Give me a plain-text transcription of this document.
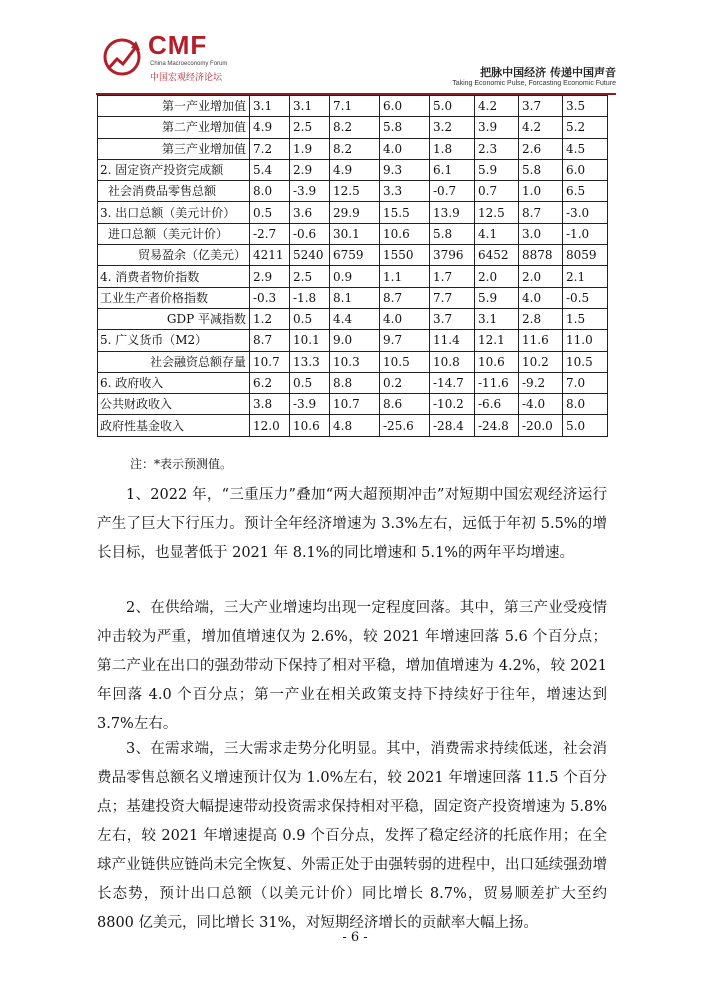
CMF
China Macroeconomy Forum
中国宏观经济论坛	把脉中国经济 传递中国声音
Taking Economic Pulse, Forcasting Economic Future
第一产业增加值	3.1	3.1	7.1	6.0	5.0	4.2	3.7	3.5
第二产业增加值	4.9	2.5	8.2	5.8	3.2	3.9	4.2	5.2
第三产业增加值	7.2	1.9	8.2	4.0	1.8	2.3	2.6	4.5
2. 固定资产投资完成额	5.4	2.9	4.9	9.3	6.1	5.9	5.8	6.0
社会消费品零售总额	8.0	-3.9	12.5	3.3	-0.7	0.7	1.0	6.5
3. 出口总额（美元计价）	0.5	3.6	29.9	15.5	13.9	12.5	8.7	-3.0
进口总额（美元计价）	-2.7	-0.6	30.1	10.6	5.8	4.1	3.0	-1.0
贸易盈余（亿美元）	4211	5240	6759	1550	3796	6452	8878	8059
4. 消费者物价指数	2.9	2.5	0.9	1.1	1.7	2.0	2.0	2.1
工业生产者价格指数	-0.3	-1.8	8.1	8.7	7.7	5.9	4.0	-0.5
GDP 平减指数	1.2	0.5	4.4	4.0	3.7	3.1	2.8	1.5
5. 广义货币（M2）	8.7	10.1	9.0	9.7	11.4	12.1	11.6	11.0
社会融资总额存量	10.7	13.3	10.3	10.5	10.8	10.6	10.2	10.5
6. 政府收入	6.2	0.5	8.8	0.2	-14.7	-11.6	-9.2	7.0
公共财政收入	3.8	-3.9	10.7	8.6	-10.2	-6.6	-4.0	8.0
政府性基金收入	12.0	10.6	4.8	-25.6	-28.4	-24.8	-20.0	5.0
注：*表示预测值。

1、2022 年，“三重压力”叠加“两大超预期冲击”对短期中国宏观经济运行产生了巨大下行压力。预计全年经济增速为 3.3%左右，远低于年初 5.5%的增长目标，也显著低于 2021 年 8.1%的同比增速和 5.1%的两年平均增速。

2、在供给端，三大产业增速均出现一定程度回落。其中，第三产业受疫情冲击较为严重，增加值增速仅为 2.6%，较 2021 年增速回落 5.6 个百分点；第二产业在出口的强劲带动下保持了相对平稳，增加值增速为 4.2%，较 2021 年回落 4.0 个百分点；第一产业在相关政策支持下持续好于往年，增速达到 3.7%左右。

3、在需求端，三大需求走势分化明显。其中，消费需求持续低迷，社会消费品零售总额名义增速预计仅为 1.0%左右，较 2021 年增速回落 11.5 个百分点；基建投资大幅提速带动投资需求保持相对平稳，固定资产投资增速为 5.8%左右，较 2021 年增速提高 0.9 个百分点，发挥了稳定经济的托底作用；在全球产业链供应链尚未完全恢复、外需正处于由强转弱的进程中，出口延续强劲增长态势，预计出口总额（以美元计价）同比增长 8.7%，贸易顺差扩大至约 8800 亿美元，同比增长 31%，对短期经济增长的贡献率大幅上扬。

- 6 -
